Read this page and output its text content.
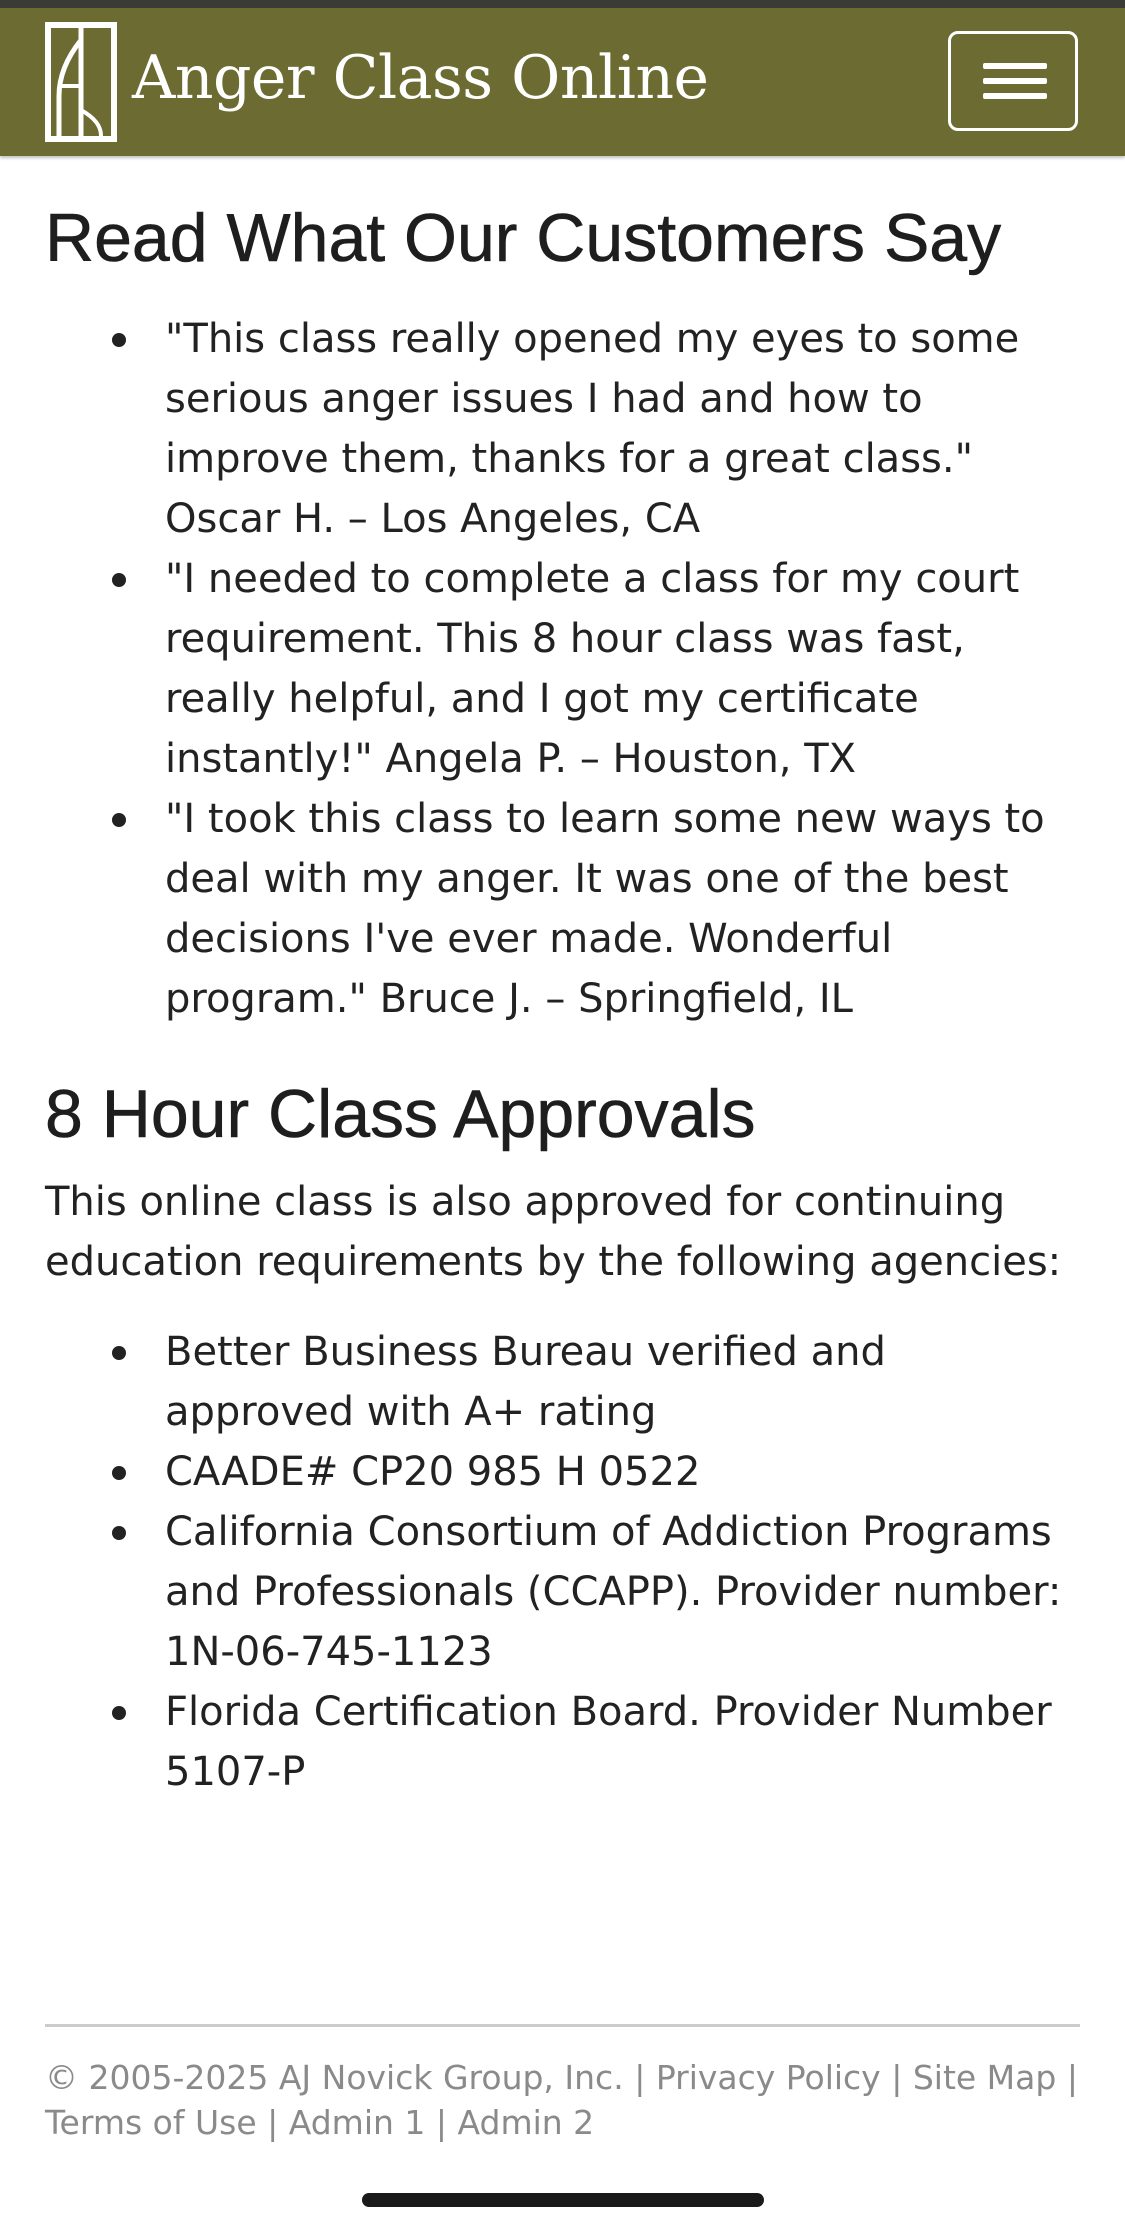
Anger Class Online
Read What Our Customers Say
"This class really opened my eyes to some serious anger issues I had and how to improve them, thanks for a great class." Oscar H. – Los Angeles, CA
"I needed to complete a class for my court requirement. This 8 hour class was fast, really helpful, and I got my certificate instantly!" Angela P. – Houston, TX
"I took this class to learn some new ways to deal with my anger. It was one of the best decisions I've ever made. Wonderful program." Bruce J. – Springfield, IL
8 Hour Class Approvals

This online class is also approved for continuing education requirements by the following agencies:

Better Business Bureau verified and approved with A+ rating
CAADE# CP20 985 H 0522
California Consortium of Addiction Programs and Professionals (CCAPP). Provider number: 1N-06-745-1123
Florida Certification Board. Provider Number 5107-P
© 2005-2025 AJ Novick Group, Inc. | Privacy Policy | Site Map | Terms of Use | Admin 1 | Admin 2
